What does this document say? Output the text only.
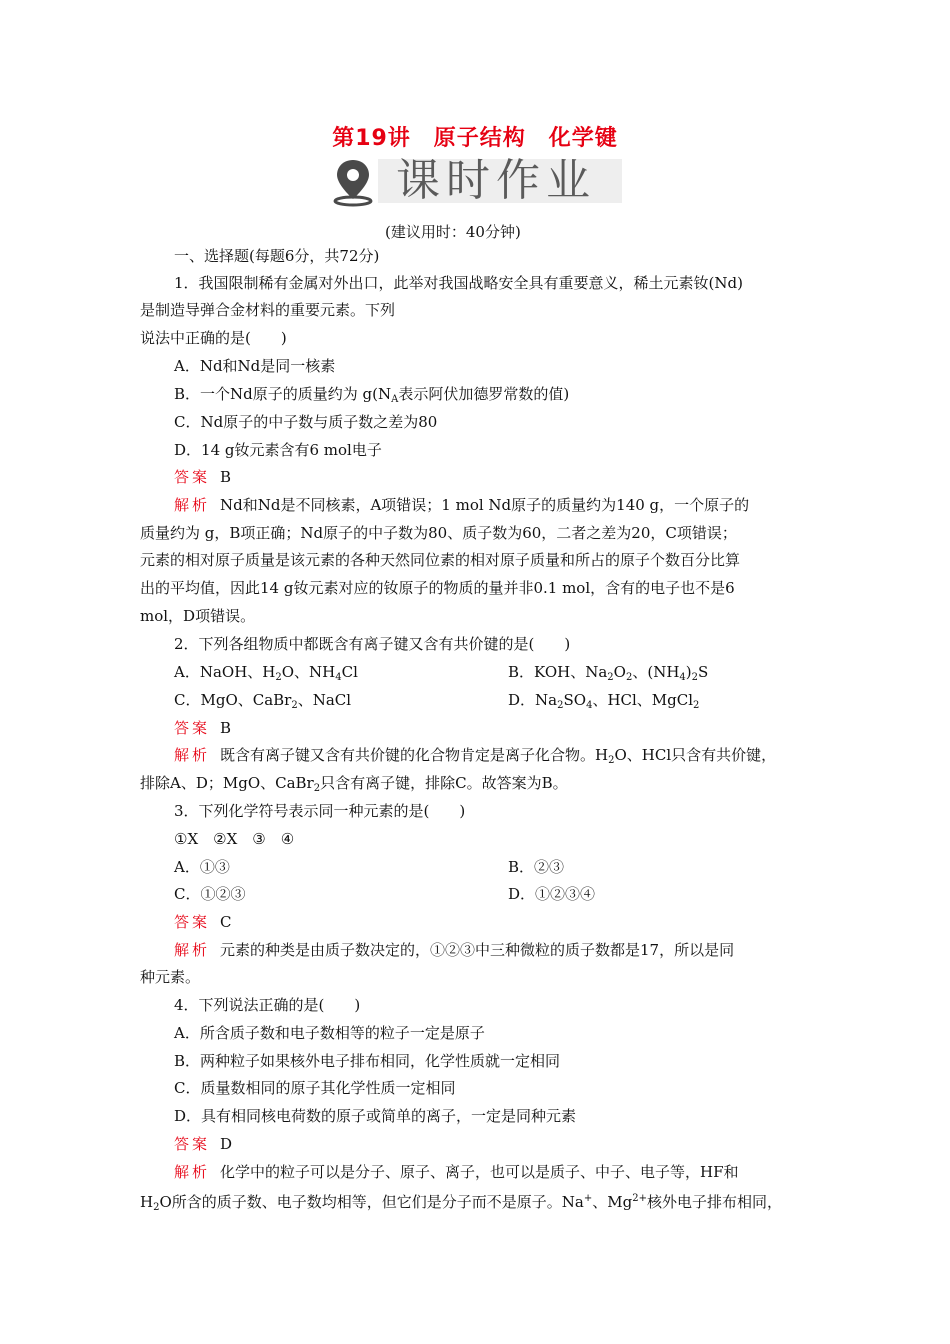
第19讲　原子结构　化学键
课时作业
(建议用时：40分钟)
一、选择题(每题6分，共72分)
1．我国限制稀有金属对外出口，此举对我国战略安全具有重要意义，稀土元素钕(Nd)
是制造导弹合金材料的重要元素。下列
说法中正确的是(　　)
A．Nd和Nd是同一核素
B．一个Nd原子的质量约为 $g(N_A$表示阿伏加德罗常数的值)
C．Nd原子的中子数与质子数之差为80
D．14 g钕元素含有6 mol电子
答案 B
解析 Nd和Nd是不同核素，A项错误；1 mol Nd原子的质量约为140 g，一个原子的
质量约为 g，B项正确；Nd原子的中子数为80、质子数为60，二者之差为20，C项错误；
元素的相对原子质量是该元素的各种天然同位素的相对原子质量和所占的原子个数百分比算
出的平均值，因此14 g钕元素对应的钕原子的物质的量并非0.1 mol，含有的电子也不是6
mol，D项错误。
2．下列各组物质中都既含有离子键又含有共价键的是(　　)
A．NaOH、$H_2O$、$NH_4Cl$	B．KOH、$Na_2O_2$、$(NH_4)_2S$
C．MgO、CaBr$_2$、NaCl	D．$Na_2SO_4$、HCl、MgCl$_2$
答案 B
解析 既含有离子键又含有共价键的化合物肯定是离子化合物。$H_2O$、HCl只含有共价键，
排除A、D；MgO、CaBr$_2$只含有离子键，排除C。故答案为B。
3．下列化学符号表示同一种元素的是(　　)
①X　②X　③　④
A．①③	B．②③
C．①②③	D．①②③④
答案 C
解析 元素的种类是由质子数决定的，①②③中三种微粒的质子数都是17，所以是同
种元素。
4．下列说法正确的是(　　)
A．所含质子数和电子数相等的粒子一定是原子
B．两种粒子如果核外电子排布相同，化学性质就一定相同
C．质量数相同的原子其化学性质一定相同
D．具有相同核电荷数的原子或简单的离子，一定是同种元素
答案 D
解析 化学中的粒子可以是分子、原子、离子，也可以是质子、中子、电子等，HF和
$H_2O$所含的质子数、电子数均相等，但它们是分子而不是原子。Na+、$Mg^{2+}$核外电子排布相同，
